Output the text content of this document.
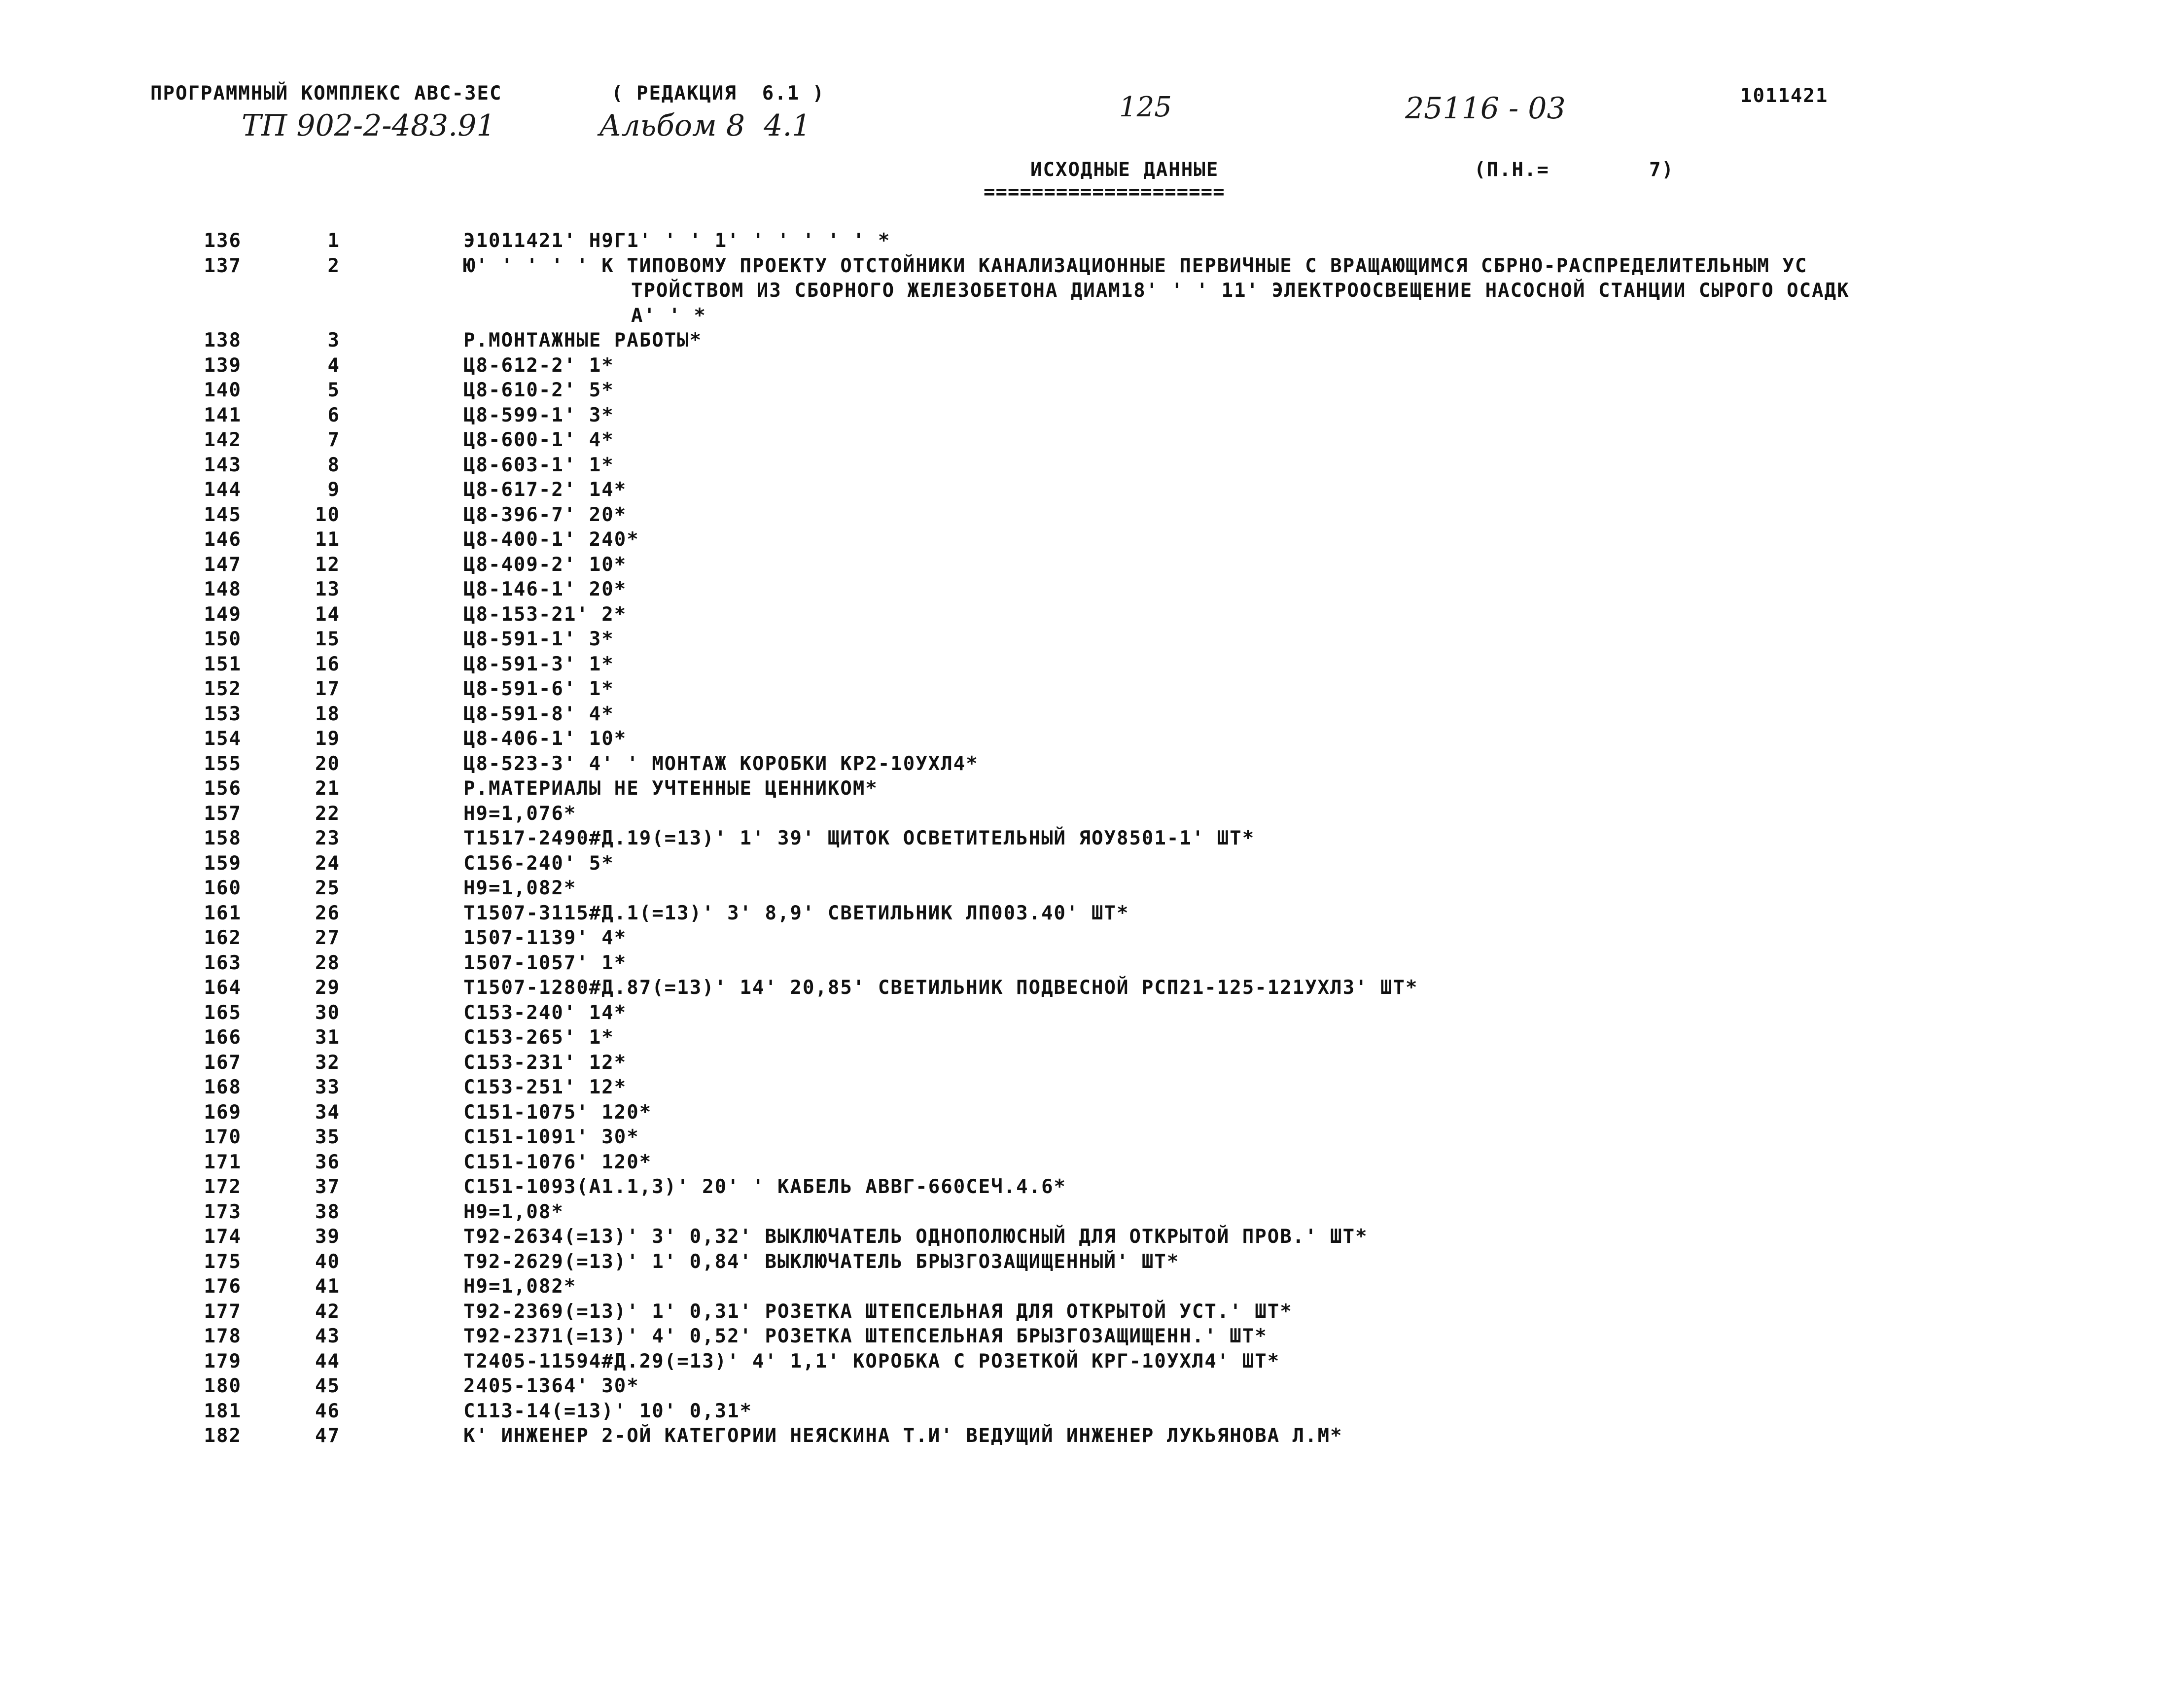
ПРОГРАММНЫЙ КОМПЛЕКС АВС-3ЕС	( РЕДАКЦИЯ  6.1 )	1011421
ИСХОДНЫЕ ДАННЫЕ
====================
(П.Н.=	7)
ТП 902-2-483.91	Альбом 8  4.1
125	25116 - 03
136	1	Э1011421' Н9Г1' ' ' 1' ' ' ' ' ' *
137	2	Ю' ' ' ' ' К ТИПОВОМУ ПРОЕКТУ ОТСТОЙНИКИ КАНАЛИЗАЦИОННЫЕ ПЕРВИЧНЫЕ С ВРАЩАЮЩИМСЯ СБРНО-РАСПРЕДЕЛИТЕЛЬНЫМ УС
ТРОЙСТВОМ ИЗ СБОРНОГО ЖЕЛЕЗОБЕТОНА ДИАМ18' ' ' 11' ЭЛЕКТРООСВЕЩЕНИЕ НАСОСНОЙ СТАНЦИИ СЫРОГО ОСАДК
А' ' *
138	3	Р.МОНТАЖНЫЕ РАБОТЫ*
139	4	Ц8-612-2' 1*
140	5	Ц8-610-2' 5*
141	6	Ц8-599-1' 3*
142	7	Ц8-600-1' 4*
143	8	Ц8-603-1' 1*
144	9	Ц8-617-2' 14*
145	10	Ц8-396-7' 20*
146	11	Ц8-400-1' 240*
147	12	Ц8-409-2' 10*
148	13	Ц8-146-1' 20*
149	14	Ц8-153-21' 2*
150	15	Ц8-591-1' 3*
151	16	Ц8-591-3' 1*
152	17	Ц8-591-6' 1*
153	18	Ц8-591-8' 4*
154	19	Ц8-406-1' 10*
155	20	Ц8-523-3' 4' ' МОНТАЖ КОРОБКИ КР2-10УХЛ4*
156	21	Р.МАТЕРИАЛЫ НЕ УЧТЕННЫЕ ЦЕННИКОМ*
157	22	Н9=1,076*
158	23	Т1517-2490#Д.19(=13)' 1' 39' ЩИТОК ОСВЕТИТЕЛЬНЫЙ ЯОУ8501-1' ШТ*
159	24	С156-240' 5*
160	25	Н9=1,082*
161	26	Т1507-3115#Д.1(=13)' 3' 8,9' СВЕТИЛЬНИК ЛП003.40' ШТ*
162	27	1507-1139' 4*
163	28	1507-1057' 1*
164	29	Т1507-1280#Д.87(=13)' 14' 20,85' СВЕТИЛЬНИК ПОДВЕСНОЙ РСП21-125-121УХЛ3' ШТ*
165	30	С153-240' 14*
166	31	С153-265' 1*
167	32	С153-231' 12*
168	33	С153-251' 12*
169	34	С151-1075' 120*
170	35	С151-1091' 30*
171	36	С151-1076' 120*
172	37	С151-1093(А1.1,3)' 20' ' КАБЕЛЬ АВВГ-660СЕЧ.4.6*
173	38	Н9=1,08*
174	39	Т92-2634(=13)' 3' 0,32' ВЫКЛЮЧАТЕЛЬ ОДНОПОЛЮСНЫЙ ДЛЯ ОТКРЫТОЙ ПРОВ.' ШТ*
175	40	Т92-2629(=13)' 1' 0,84' ВЫКЛЮЧАТЕЛЬ БРЫЗГОЗАЩИЩЕННЫЙ' ШТ*
176	41	Н9=1,082*
177	42	Т92-2369(=13)' 1' 0,31' РОЗЕТКА ШТЕПСЕЛЬНАЯ ДЛЯ ОТКРЫТОЙ УСТ.' ШТ*
178	43	Т92-2371(=13)' 4' 0,52' РОЗЕТКА ШТЕПСЕЛЬНАЯ БРЫЗГОЗАЩИЩЕНН.' ШТ*
179	44	Т2405-11594#Д.29(=13)' 4' 1,1' КОРОБКА С РОЗЕТКОЙ КРГ-10УХЛ4' ШТ*
180	45	2405-1364' 30*
181	46	С113-14(=13)' 10' 0,31*
182	47	К' ИНЖЕНЕР 2-ОЙ КАТЕГОРИИ НЕЯСКИНА Т.И' ВЕДУЩИЙ ИНЖЕНЕР ЛУКЬЯНОВА Л.М*
